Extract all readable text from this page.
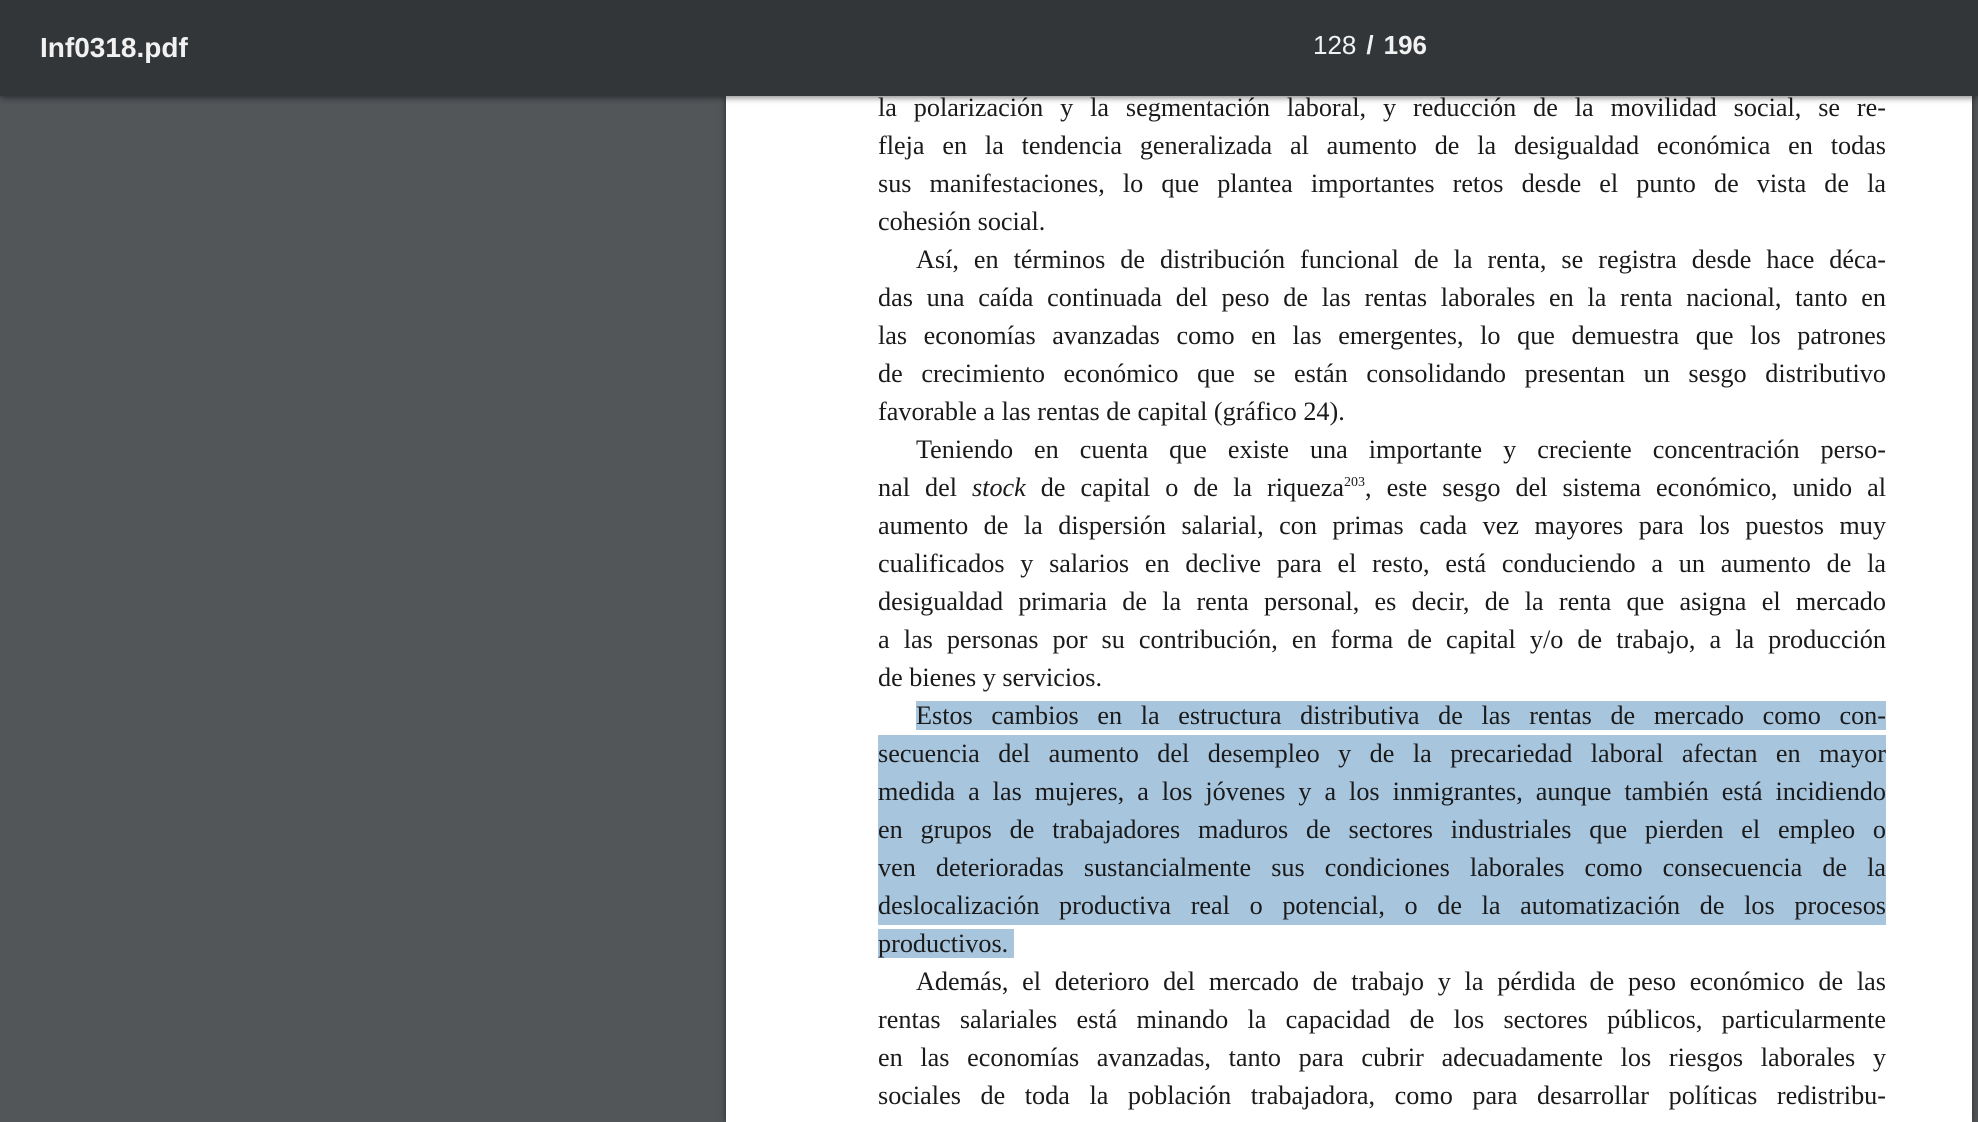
Inf0318.pdf	128 / 196
la polarización y la segmentación laboral, y reducción de la movilidad social, se re-
fleja en la tendencia generalizada al aumento de la desigualdad económica en todas
sus manifestaciones, lo que plantea importantes retos desde el punto de vista de la
cohesión social.
Así, en términos de distribución funcional de la renta, se registra desde hace déca-
das una caída continuada del peso de las rentas laborales en la renta nacional, tanto en
las economías avanzadas como en las emergentes, lo que demuestra que los patrones
de crecimiento económico que se están consolidando presentan un sesgo distributivo
favorable a las rentas de capital (gráfico 24).
Teniendo en cuenta que existe una importante y creciente concentración perso-
nal del stock de capital o de la riqueza$^{203}$, este sesgo del sistema económico, unido al
aumento de la dispersión salarial, con primas cada vez mayores para los puestos muy
cualificados y salarios en declive para el resto, está conduciendo a un aumento de la
desigualdad primaria de la renta personal, es decir, de la renta que asigna el mercado
a las personas por su contribución, en forma de capital y/o de trabajo, a la producción
de bienes y servicios.
Estos cambios en la estructura distributiva de las rentas de mercado como con-
secuencia del aumento del desempleo y de la precariedad laboral afectan en mayor
medida a las mujeres, a los jóvenes y a los inmigrantes, aunque también está incidiendo
en grupos de trabajadores maduros de sectores industriales que pierden el empleo o
ven deterioradas sustancialmente sus condiciones laborales como consecuencia de la
deslocalización productiva real o potencial, o de la automatización de los procesos
productivos.
Además, el deterioro del mercado de trabajo y la pérdida de peso económico de las
rentas salariales está minando la capacidad de los sectores públicos, particularmente
en las economías avanzadas, tanto para cubrir adecuadamente los riesgos laborales y
sociales de toda la población trabajadora, como para desarrollar políticas redistribu-
